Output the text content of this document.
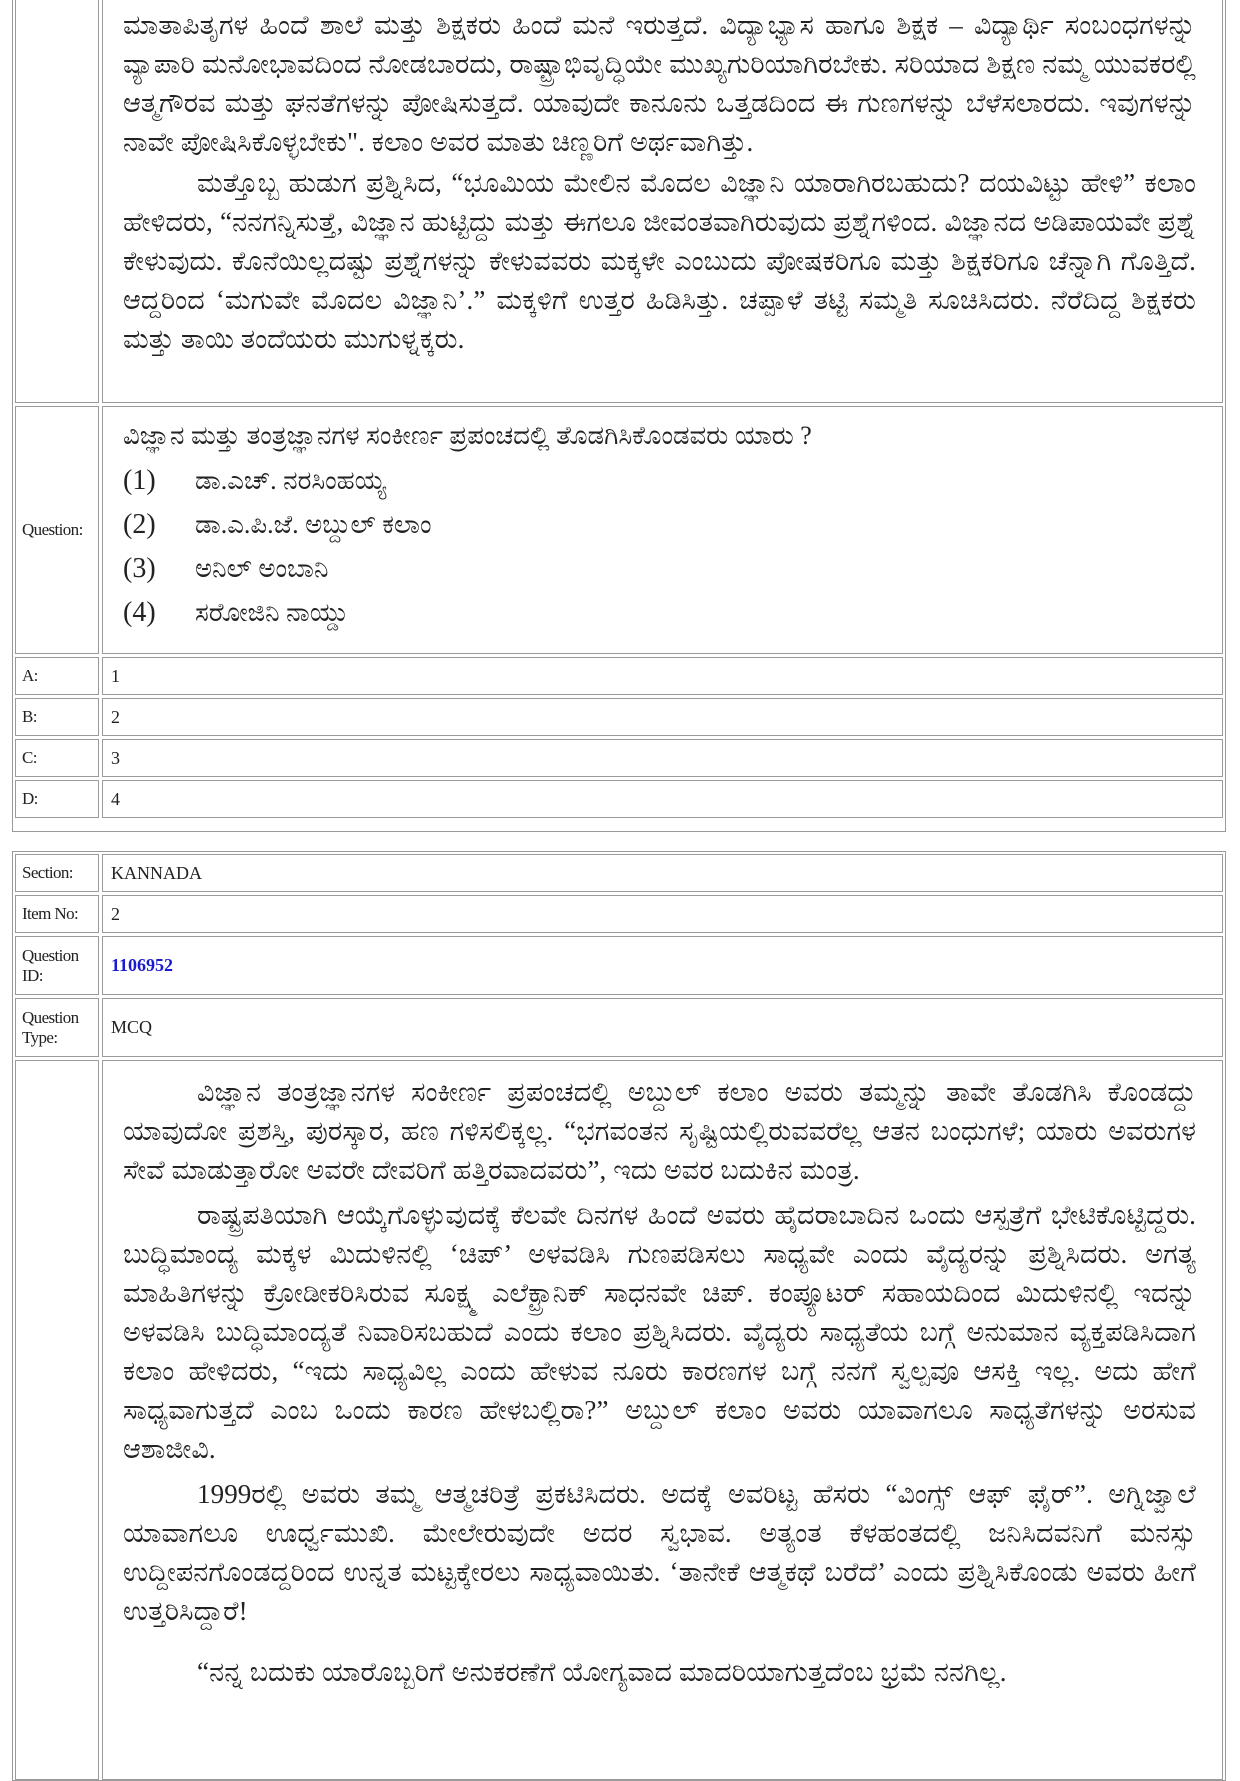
ಮಾತಾಪಿತೃಗಳ ಹಿಂದೆ ಶಾಲೆ ಮತ್ತು ಶಿಕ್ಷಕರು ಹಿಂದೆ ಮನೆ ಇರುತ್ತದೆ. ವಿದ್ಯಾಭ್ಯಾಸ ಹಾಗೂ ಶಿಕ್ಷಕ – ವಿದ್ಯಾರ್ಥಿ ಸಂಬಂಧಗಳನ್ನು ವ್ಯಾಪಾರಿ ಮನೋಭಾವದಿಂದ ನೋಡಬಾರದು, ರಾಷ್ಟ್ರಾಭಿವೃದ್ಧಿಯೇ ಮುಖ್ಯಗುರಿಯಾಗಿರಬೇಕು. ಸರಿಯಾದ ಶಿಕ್ಷಣ ನಮ್ಮ ಯುವಕರಲ್ಲಿ ಆತ್ಮಗೌರವ ಮತ್ತು ಘನತೆಗಳನ್ನು ಪೋಷಿಸುತ್ತದೆ. ಯಾವುದೇ ಕಾನೂನು ಒತ್ತಡದಿಂದ ಈ ಗುಣಗಳನ್ನು ಬೆಳೆಸಲಾರದು. ಇವುಗಳನ್ನು ನಾವೇ ಪೋಷಿಸಿಕೊಳ್ಳಬೇಕು". ಕಲಾಂ ಅವರ ಮಾತು ಚಿಣ್ಣರಿಗೆ ಅರ್ಥವಾಗಿತ್ತು.

ಮತ್ತೊಬ್ಬ ಹುಡುಗ ಪ್ರಶ್ನಿಸಿದ, “ಭೂಮಿಯ ಮೇಲಿನ ಮೊದಲ ವಿಜ್ಞಾನಿ ಯಾರಾಗಿರಬಹುದು? ದಯವಿಟ್ಟು ಹೇಳಿ” ಕಲಾಂ ಹೇಳಿದರು, “ನನಗನ್ನಿಸುತ್ತೆ, ವಿಜ್ಞಾನ ಹುಟ್ಟಿದ್ದು ಮತ್ತು ಈಗಲೂ ಜೀವಂತವಾಗಿರುವುದು ಪ್ರಶ್ನೆಗಳಿಂದ. ವಿಜ್ಞಾನದ ಅಡಿಪಾಯವೇ ಪ್ರಶ್ನೆ ಕೇಳುವುದು. ಕೊನೆಯಿಲ್ಲದಷ್ಟು ಪ್ರಶ್ನೆಗಳನ್ನು ಕೇಳುವವರು ಮಕ್ಕಳೇ ಎಂಬುದು ಪೋಷಕರಿಗೂ ಮತ್ತು ಶಿಕ್ಷಕರಿಗೂ ಚೆನ್ನಾಗಿ ಗೊತ್ತಿದೆ. ಆದ್ದರಿಂದ ‘ಮಗುವೇ ಮೊದಲ ವಿಜ್ಞಾನಿ’.” ಮಕ್ಕಳಿಗೆ ಉತ್ತರ ಹಿಡಿಸಿತ್ತು. ಚಪ್ಪಾಳೆ ತಟ್ಟಿ ಸಮ್ಮತಿ ಸೂಚಿಸಿದರು. ನೆರೆದಿದ್ದ ಶಿಕ್ಷಕರು ಮತ್ತು ತಾಯಿ ತಂದೆಯರು ಮುಗುಳ್ನಕ್ಕರು.

Question:
ವಿಜ್ಞಾನ ಮತ್ತು ತಂತ್ರಜ್ಞಾನಗಳ ಸಂಕೀರ್ಣ ಪ್ರಪಂಚದಲ್ಲಿ ತೊಡಗಿಸಿಕೊಂಡವರು ಯಾರು ?
(1)	ಡಾ.ಎಚ್. ನರಸಿಂಹಯ್ಯ
(2)	ಡಾ.ಎ.ಪಿ.ಜೆ. ಅಬ್ದುಲ್ ಕಲಾಂ
(3)	ಅನಿಲ್ ಅಂಬಾನಿ
(4)	ಸರೋಜಿನಿ ನಾಯ್ಡು
A:	1
B:	2
C:	3
D:	4
Section:	KANNADA
Item No:	2
Question ID:	1106952
Question Type:	MCQ

ವಿಜ್ಞಾನ ತಂತ್ರಜ್ಞಾನಗಳ ಸಂಕೀರ್ಣ ಪ್ರಪಂಚದಲ್ಲಿ ಅಬ್ದುಲ್ ಕಲಾಂ ಅವರು ತಮ್ಮನ್ನು ತಾವೇ ತೊಡಗಿಸಿ ಕೊಂಡದ್ದು ಯಾವುದೋ ಪ್ರಶಸ್ತಿ, ಪುರಸ್ಕಾರ, ಹಣ ಗಳಿಸಲಿಕ್ಕಲ್ಲ. “ಭಗವಂತನ ಸೃಷ್ಟಿಯಲ್ಲಿರುವವರೆಲ್ಲ ಆತನ ಬಂಧುಗಳೆ; ಯಾರು ಅವರುಗಳ ಸೇವೆ ಮಾಡುತ್ತಾರೋ ಅವರೇ ದೇವರಿಗೆ ಹತ್ತಿರವಾದವರು”, ಇದು ಅವರ ಬದುಕಿನ ಮಂತ್ರ.

ರಾಷ್ಟ್ರಪತಿಯಾಗಿ ಆಯ್ಕೆಗೊಳ್ಳುವುದಕ್ಕೆ ಕೆಲವೇ ದಿನಗಳ ಹಿಂದೆ ಅವರು ಹೈದರಾಬಾದಿನ ಒಂದು ಆಸ್ಪತ್ರೆಗೆ ಭೇಟಿಕೊಟ್ಟಿದ್ದರು. ಬುದ್ಧಿಮಾಂದ್ಯ ಮಕ್ಕಳ ಮಿದುಳಿನಲ್ಲಿ ‘ಚಿಪ್’ ಅಳವಡಿಸಿ ಗುಣಪಡಿಸಲು ಸಾಧ್ಯವೇ ಎಂದು ವೈದ್ಯರನ್ನು ಪ್ರಶ್ನಿಸಿದರು. ಅಗತ್ಯ ಮಾಹಿತಿಗಳನ್ನು ಕ್ರೋಡೀಕರಿಸಿರುವ ಸೂಕ್ಷ್ಮ ಎಲೆಕ್ಟ್ರಾನಿಕ್ ಸಾಧನವೇ ಚಿಪ್. ಕಂಪ್ಯೂಟರ್ ಸಹಾಯದಿಂದ ಮಿದುಳಿನಲ್ಲಿ ಇದನ್ನು ಅಳವಡಿಸಿ ಬುದ್ಧಿಮಾಂದ್ಯತೆ ನಿವಾರಿಸಬಹುದೆ ಎಂದು ಕಲಾಂ ಪ್ರಶ್ನಿಸಿದರು. ವೈದ್ಯರು ಸಾಧ್ಯತೆಯ ಬಗ್ಗೆ ಅನುಮಾನ ವ್ಯಕ್ತಪಡಿಸಿದಾಗ ಕಲಾಂ ಹೇಳಿದರು, “ಇದು ಸಾಧ್ಯವಿಲ್ಲ ಎಂದು ಹೇಳುವ ನೂರು ಕಾರಣಗಳ ಬಗ್ಗೆ ನನಗೆ ಸ್ವಲ್ಪವೂ ಆಸಕ್ತಿ ಇಲ್ಲ. ಅದು ಹೇಗೆ ಸಾಧ್ಯವಾಗುತ್ತದೆ ಎಂಬ ಒಂದು ಕಾರಣ ಹೇಳಬಲ್ಲಿರಾ?” ಅಬ್ದುಲ್ ಕಲಾಂ ಅವರು ಯಾವಾಗಲೂ ಸಾಧ್ಯತೆಗಳನ್ನು ಅರಸುವ ಆಶಾಜೀವಿ.

1999ರಲ್ಲಿ ಅವರು ತಮ್ಮ ಆತ್ಮಚರಿತ್ರೆ ಪ್ರಕಟಿಸಿದರು. ಅದಕ್ಕೆ ಅವರಿಟ್ಟ ಹೆಸರು “ವಿಂಗ್ಸ್ ಆಫ್ ಫೈರ್”. ಅಗ್ನಿಜ್ವಾಲೆ ಯಾವಾಗಲೂ ಊರ್ಧ್ವಮುಖಿ. ಮೇಲೇರುವುದೇ ಅದರ ಸ್ವಭಾವ. ಅತ್ಯಂತ ಕೆಳಹಂತದಲ್ಲಿ ಜನಿಸಿದವನಿಗೆ ಮನಸ್ಸು ಉದ್ದೀಪನಗೊಂಡದ್ದರಿಂದ ಉನ್ನತ ಮಟ್ಟಕ್ಕೇರಲು ಸಾಧ್ಯವಾಯಿತು. ‘ತಾನೇಕೆ ಆತ್ಮಕಥೆ ಬರೆದೆ’ ಎಂದು ಪ್ರಶ್ನಿಸಿಕೊಂಡು ಅವರು ಹೀಗೆ ಉತ್ತರಿಸಿದ್ದಾರೆ!

“ನನ್ನ ಬದುಕು ಯಾರೊಬ್ಬರಿಗೆ ಅನುಕರಣೆಗೆ ಯೋಗ್ಯವಾದ ಮಾದರಿಯಾಗುತ್ತದೆಂಬ ಭ್ರಮೆ ನನಗಿಲ್ಲ.
